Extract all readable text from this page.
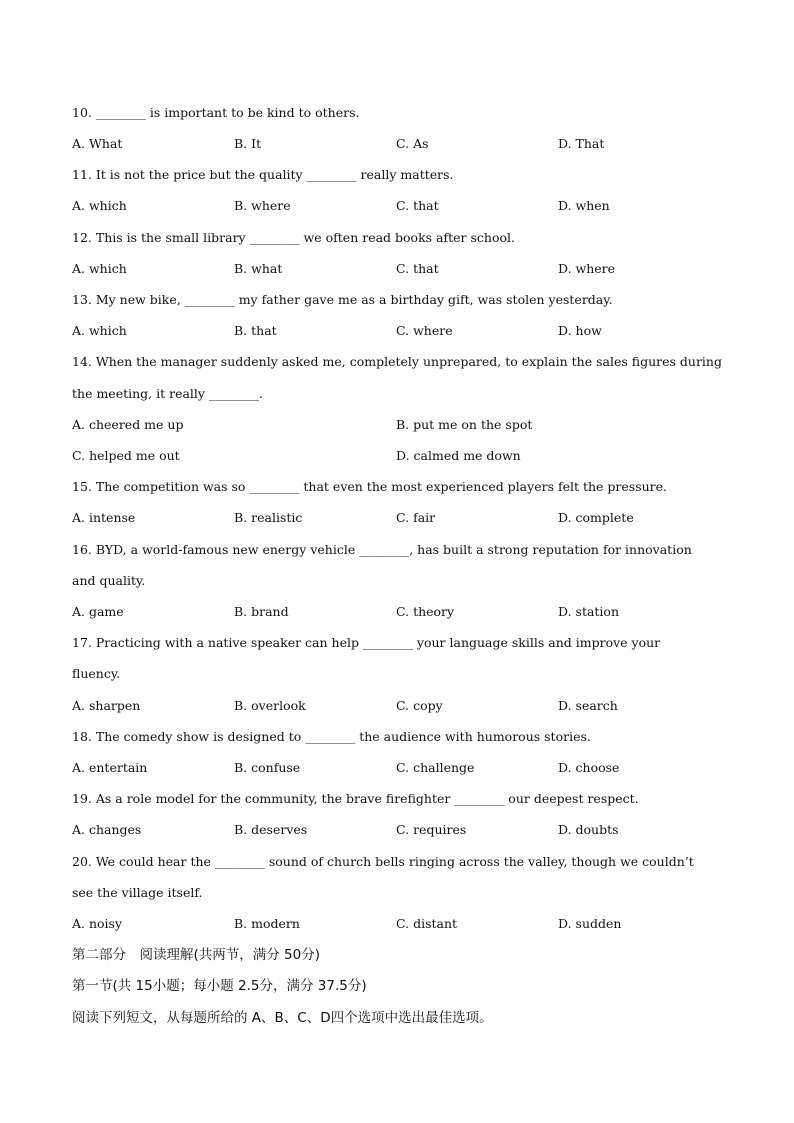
10. ________ is important to be kind to others.
A. What	B. It	C. As	D. That
11. It is not the price but the quality ________ really matters.
A. which	B. where	C. that	D. when
12. This is the small library ________ we often read books after school.
A. which	B. what	C. that	D. where
13. My new bike, ________ my father gave me as a birthday gift, was stolen yesterday.
A. which	B. that	C. where	D. how
14. When the manager suddenly asked me, completely unprepared, to explain the sales figures during
the meeting, it really ________.
A. cheered me up	B. put me on the spot
C. helped me out	D. calmed me down
15. The competition was so ________ that even the most experienced players felt the pressure.
A. intense	B. realistic	C. fair	D. complete
16. BYD, a world-famous new energy vehicle ________, has built a strong reputation for innovation
and quality.
A. game	B. brand	C. theory	D. station
17. Practicing with a native speaker can help ________ your language skills and improve your
fluency.
A. sharpen	B. overlook	C. copy	D. search
18. The comedy show is designed to ________ the audience with humorous stories.
A. entertain	B. confuse	C. challenge	D. choose
19. As a role model for the community, the brave firefighter ________ our deepest respect.
A. changes	B. deserves	C. requires	D. doubts
20. We could hear the ________ sound of church bells ringing across the valley, though we couldn’t
see the village itself.
A. noisy	B. modern	C. distant	D. sudden
第二部分　阅读理解(共两节，满分 50分)
第一节(共 15小题；每小题 2.5分，满分 37.5分)
阅读下列短文，从每题所给的 A、B、C、D四个选项中选出最佳选项。
